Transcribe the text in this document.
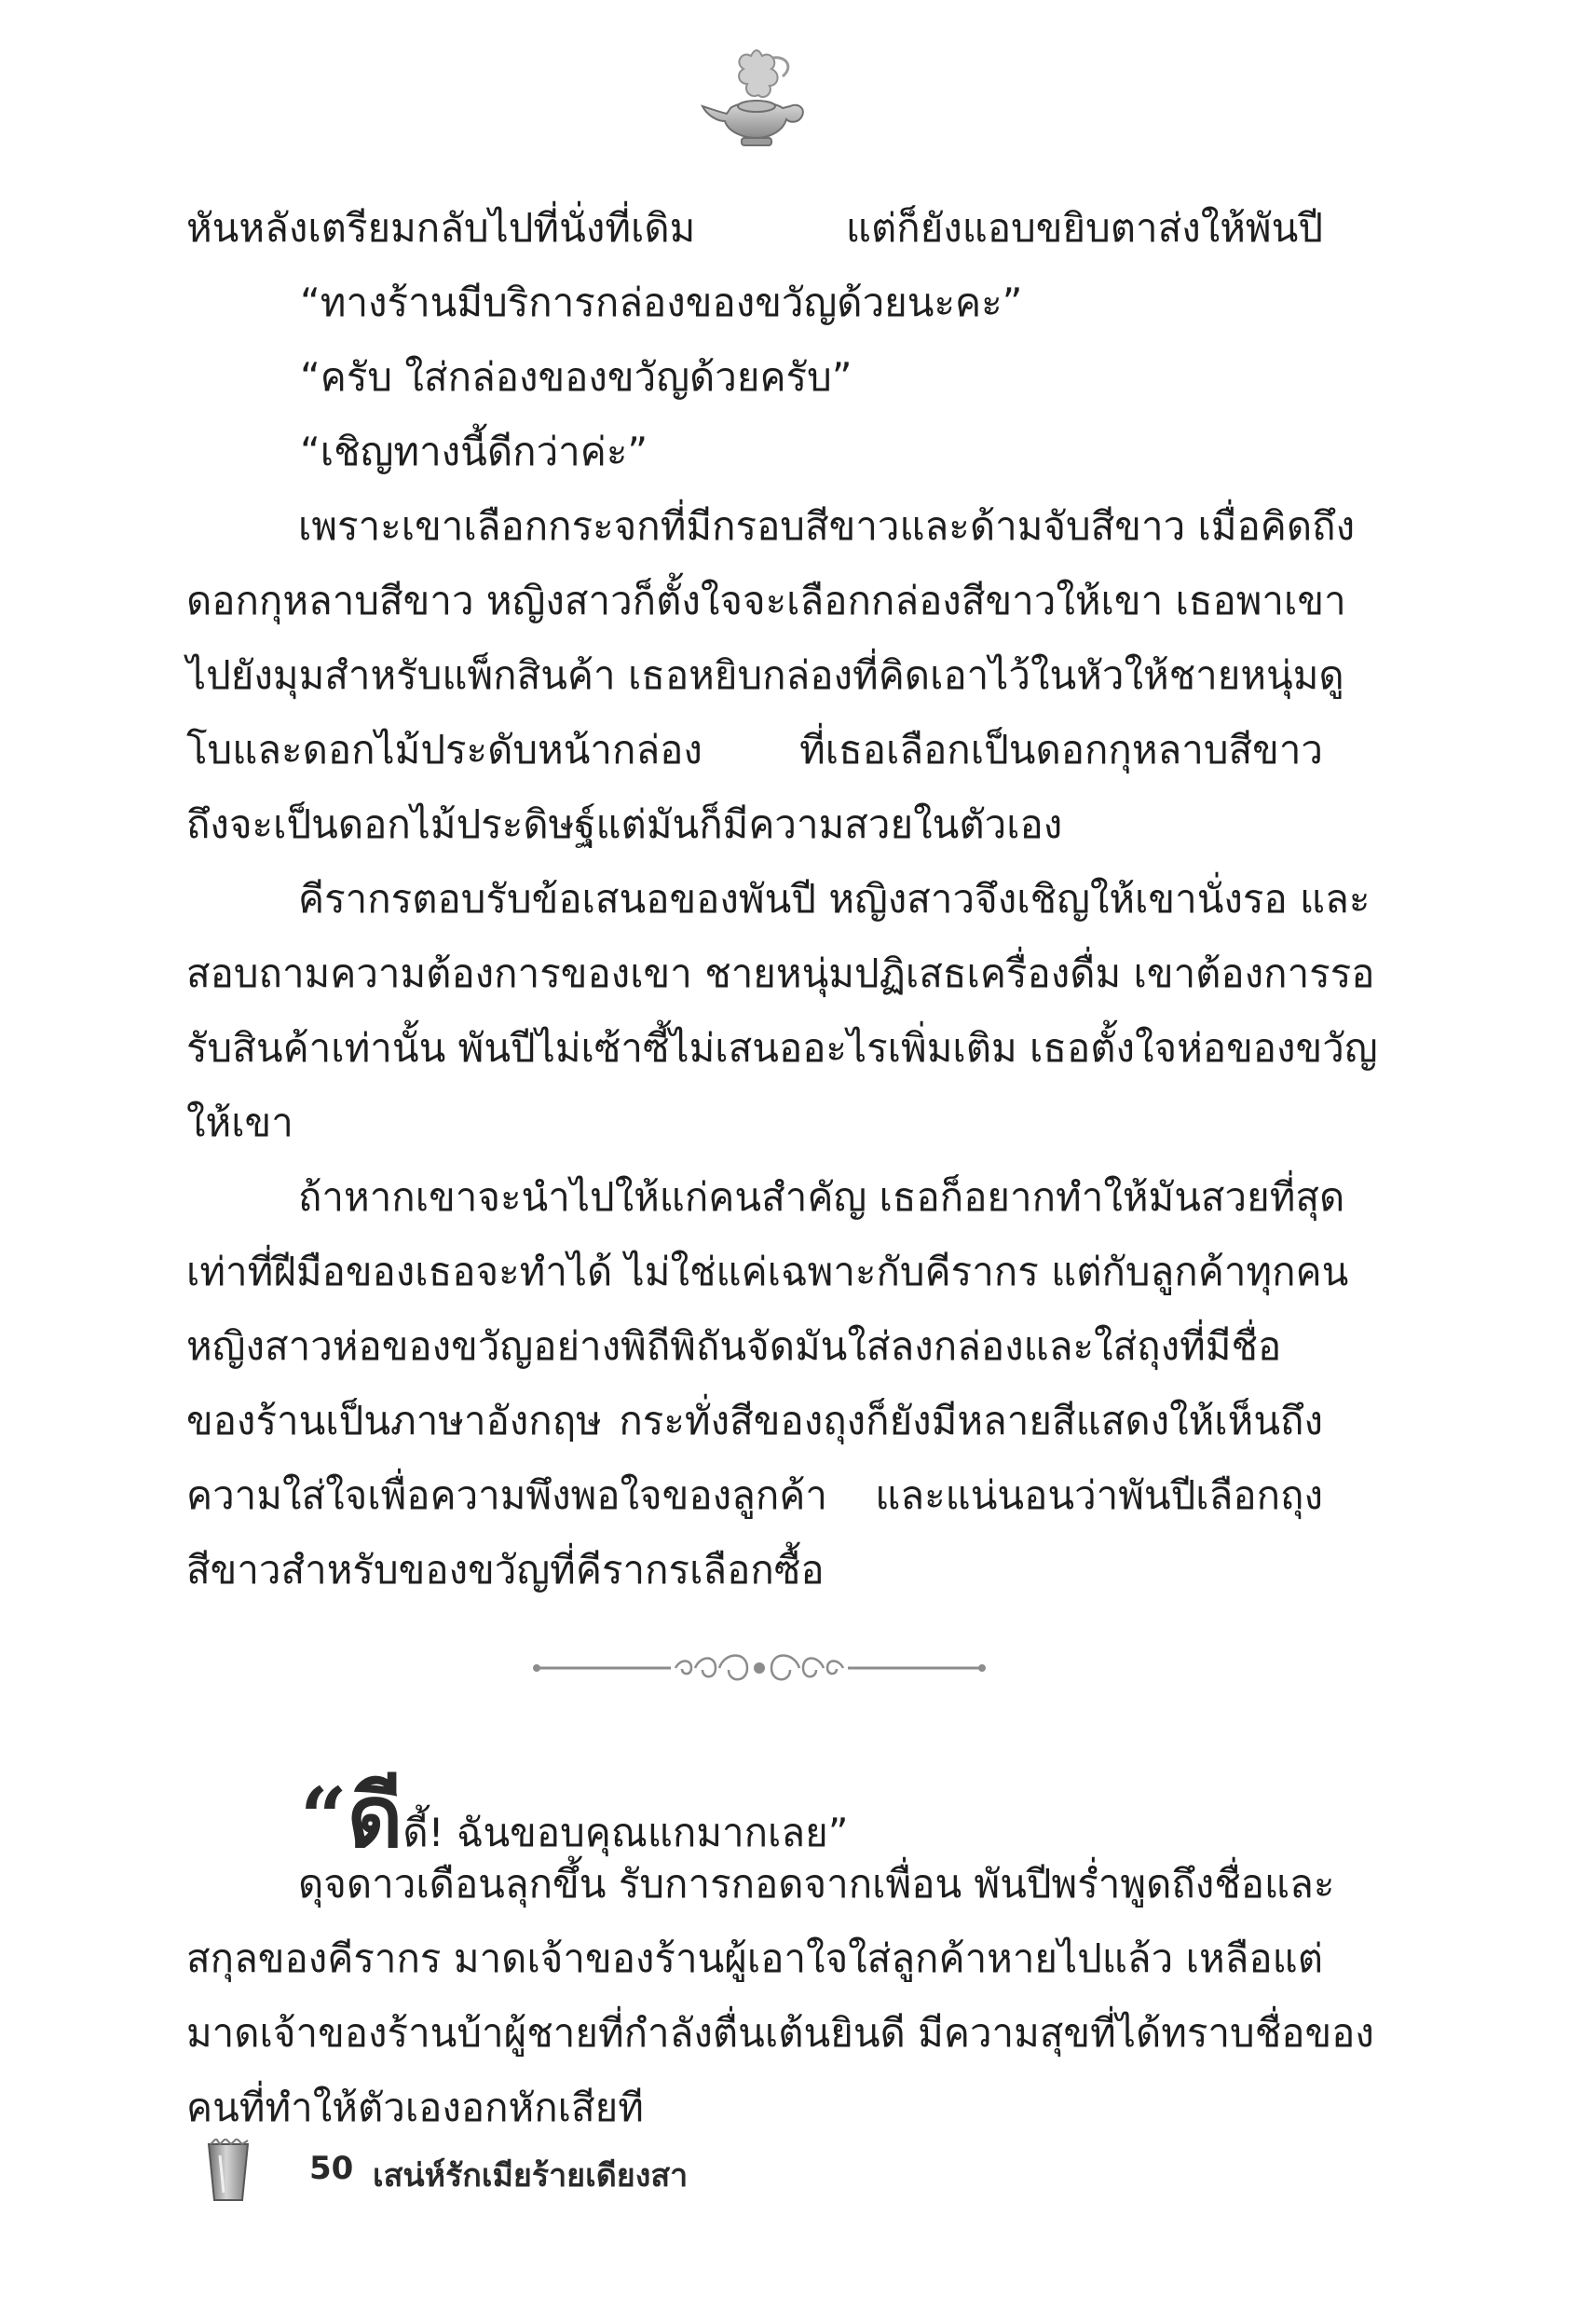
หันหลังเตรียมกลับไปที่นั่งที่เดิม แต่ก็ยังแอบขยิบตาส่งให้พันปี
“ทางร้านมีบริการกล่องของขวัญด้วยนะคะ”
“ครับ ใส่กล่องของขวัญด้วยครับ”
“เชิญทางนี้ดีกว่าค่ะ”
เพราะเขาเลือกกระจกที่มีกรอบสีขาวและด้ามจับสีขาว เมื่อคิดถึง
ดอกกุหลาบสีขาว หญิงสาวก็ตั้งใจจะเลือกกล่องสีขาวให้เขา เธอพาเขา
ไปยังมุมสำหรับแพ็กสินค้า เธอหยิบกล่องที่คิดเอาไว้ในหัวให้ชายหนุ่มดู
โบและดอกไม้ประดับหน้ากล่อง ที่เธอเลือกเป็นดอกกุหลาบสีขาว
ถึงจะเป็นดอกไม้ประดิษฐ์แต่มันก็มีความสวยในตัวเอง
คีรากรตอบรับข้อเสนอของพันปี หญิงสาวจึงเชิญให้เขานั่งรอ และ
สอบถามความต้องการของเขา ชายหนุ่มปฏิเสธเครื่องดื่ม เขาต้องการรอ
รับสินค้าเท่านั้น พันปีไม่เซ้าซี้ไม่เสนออะไรเพิ่มเติม เธอตั้งใจห่อของขวัญ
ให้เขา
ถ้าหากเขาจะนำไปให้แก่คนสำคัญ เธอก็อยากทำให้มันสวยที่สุด
เท่าที่ฝีมือของเธอจะทำได้ ไม่ใช่แค่เฉพาะกับคีรากร แต่กับลูกค้าทุกคน
หญิงสาวห่อของขวัญอย่างพิถีพิถันจัดมันใส่ลงกล่องและใส่ถุงที่มีชื่อ
ของร้านเป็นภาษาอังกฤษ กระทั่งสีของถุงก็ยังมีหลายสีแสดงให้เห็นถึง
ความใส่ใจเพื่อความพึงพอใจของลูกค้า และแน่นอนว่าพันปีเลือกถุง
สีขาวสำหรับของขวัญที่คีรากรเลือกซื้อ
“ดีดี้! ฉันขอบคุณแกมากเลย”
ดุจดาวเดือนลุกขึ้น รับการกอดจากเพื่อน พันปีพร่ำพูดถึงชื่อและ
สกุลของคีรากร มาดเจ้าของร้านผู้เอาใจใส่ลูกค้าหายไปแล้ว เหลือแต่
มาดเจ้าของร้านบ้าผู้ชายที่กำลังตื่นเต้นยินดี มีความสุขที่ได้ทราบชื่อของ
คนที่ทำให้ตัวเองอกหักเสียที
50 เสน่ห์รักเมียร้ายเดียงสา
